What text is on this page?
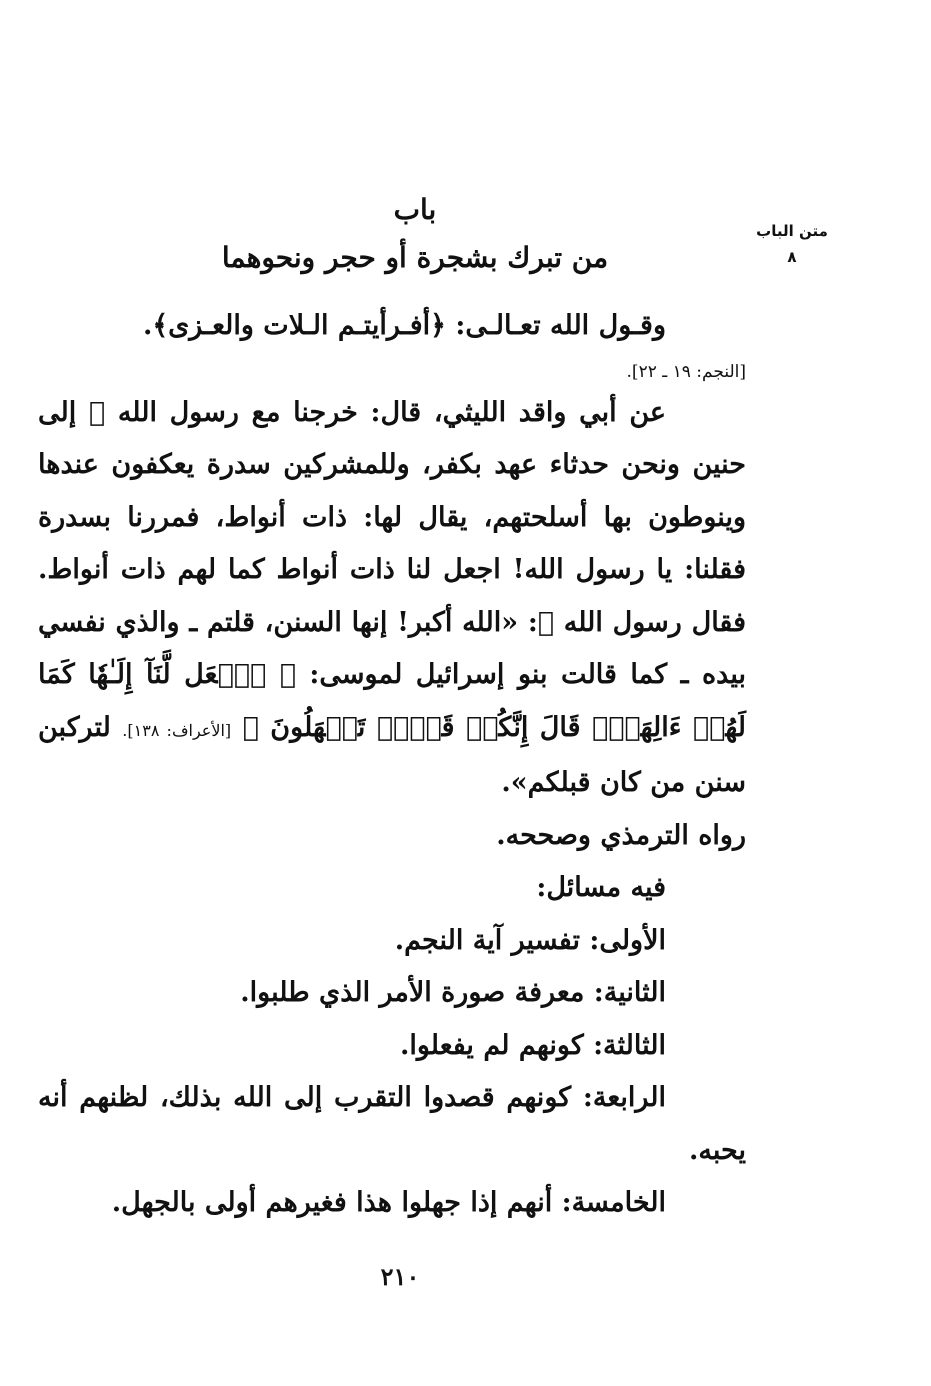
متن الباب
٨
باب
من تبرك بشجرة أو حجر ونحوهما

وقـول الله تعـالـى: ﴿أفـرأيتـم الـلات والعـزى﴾.

[النجم: ١٩ ـ ٢٢].

عن أبي واقد الليثي، قال: خرجنا مع رسول الله ﷺ إلى حنين ونحن حدثاء عهد بكفر، وللمشركين سدرة يعكفون عندها وينوطون بها أسلحتهم، يقال لها: ذات أنواط، فمررنا بسدرة فقلنا: يا رسول الله! اجعل لنا ذات أنواط كما لهم ذات أنواط. فقال رسول الله ﷺ: «الله أكبر! إنها السنن، قلتم ـ والذي نفسي بيده ـ كما قالت بنو إسرائيل لموسى: ﴿ ٱجۡعَل لَّنَآ إِلَـٰهٗا كَمَا لَهُمۡ ءَالِهَةٞۚ قَالَ إِنَّكُمۡ قَوۡمٞ تَجۡهَلُونَ ﴾ [الأعراف: ١٣٨]. لتركبن سنن من كان قبلكم».

رواه الترمذي وصححه.

فيه مسائل:

الأولى: تفسير آية النجم.

الثانية: معرفة صورة الأمر الذي طلبوا.

الثالثة: كونهم لم يفعلوا.

الرابعة: كونهم قصدوا التقرب إلى الله بذلك، لظنهم أنه يحبه.

الخامسة: أنهم إذا جهلوا هذا فغيرهم أولى بالجهل.

٢١٠
